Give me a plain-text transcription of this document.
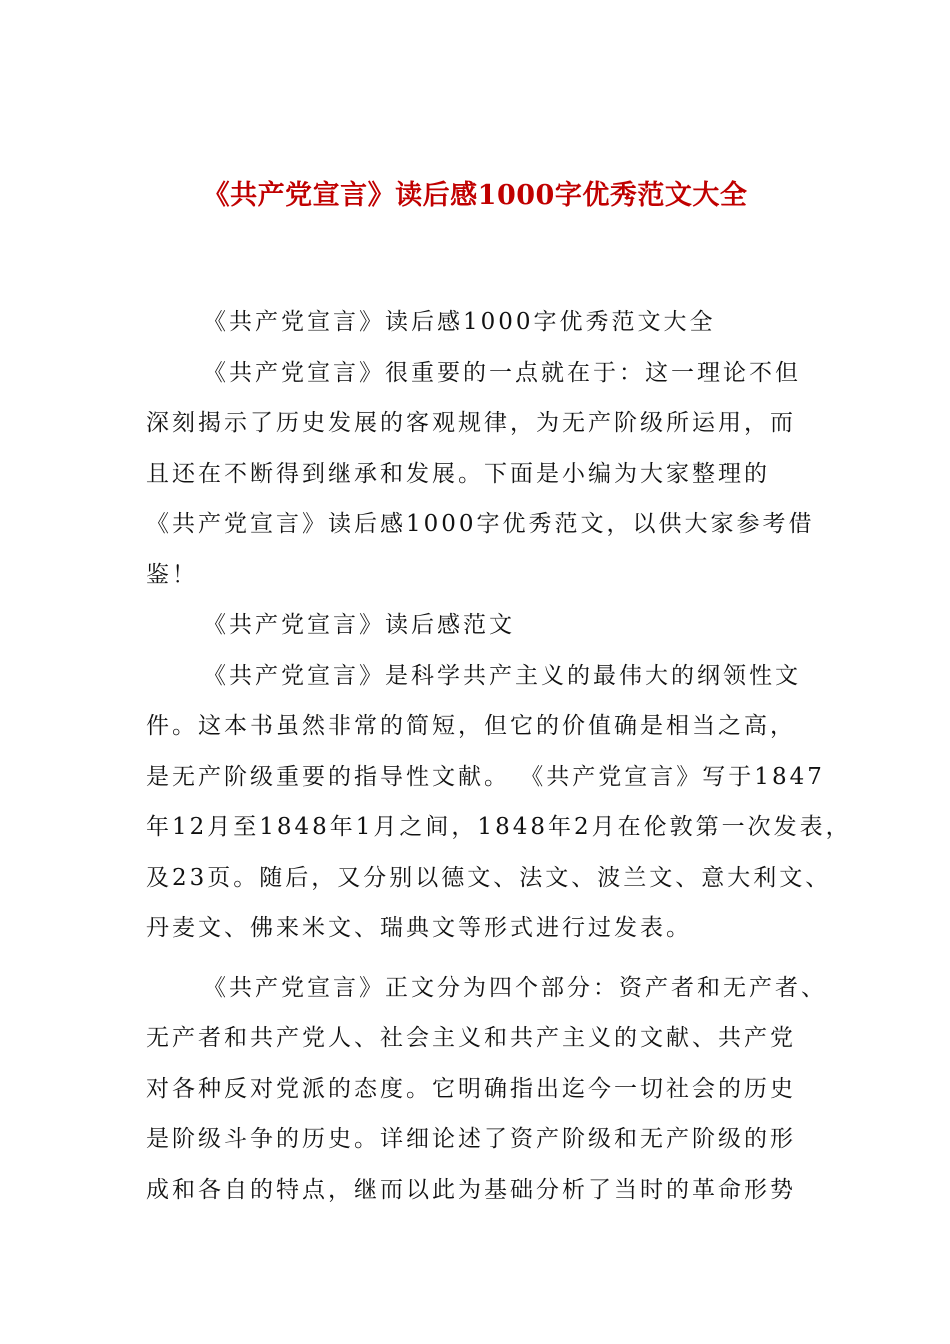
《共产党宣言》读后感1000字优秀范文大全
《共产党宣言》读后感1000字优秀范文大全
《共产党宣言》很重要的一点就在于：这一理论不但
深刻揭示了历史发展的客观规律，为无产阶级所运用，而
且还在不断得到继承和发展。下面是小编为大家整理的
《共产党宣言》读后感1000字优秀范文，以供大家参考借
鉴！
《共产党宣言》读后感范文
《共产党宣言》是科学共产主义的最伟大的纲领性文
件。这本书虽然非常的简短，但它的价值确是相当之高，
是无产阶级重要的指导性文献。 《共产党宣言》写于1847
年12月至1848年1月之间，1848年2月在伦敦第一次发表，
及23页。随后，又分别以德文、法文、波兰文、意大利文、
丹麦文、佛来米文、瑞典文等形式进行过发表。
《共产党宣言》正文分为四个部分：资产者和无产者、
无产者和共产党人、社会主义和共产主义的文献、共产党
对各种反对党派的态度。它明确指出迄今一切社会的历史
是阶级斗争的历史。详细论述了资产阶级和无产阶级的形
成和各自的特点，继而以此为基础分析了当时的革命形势
